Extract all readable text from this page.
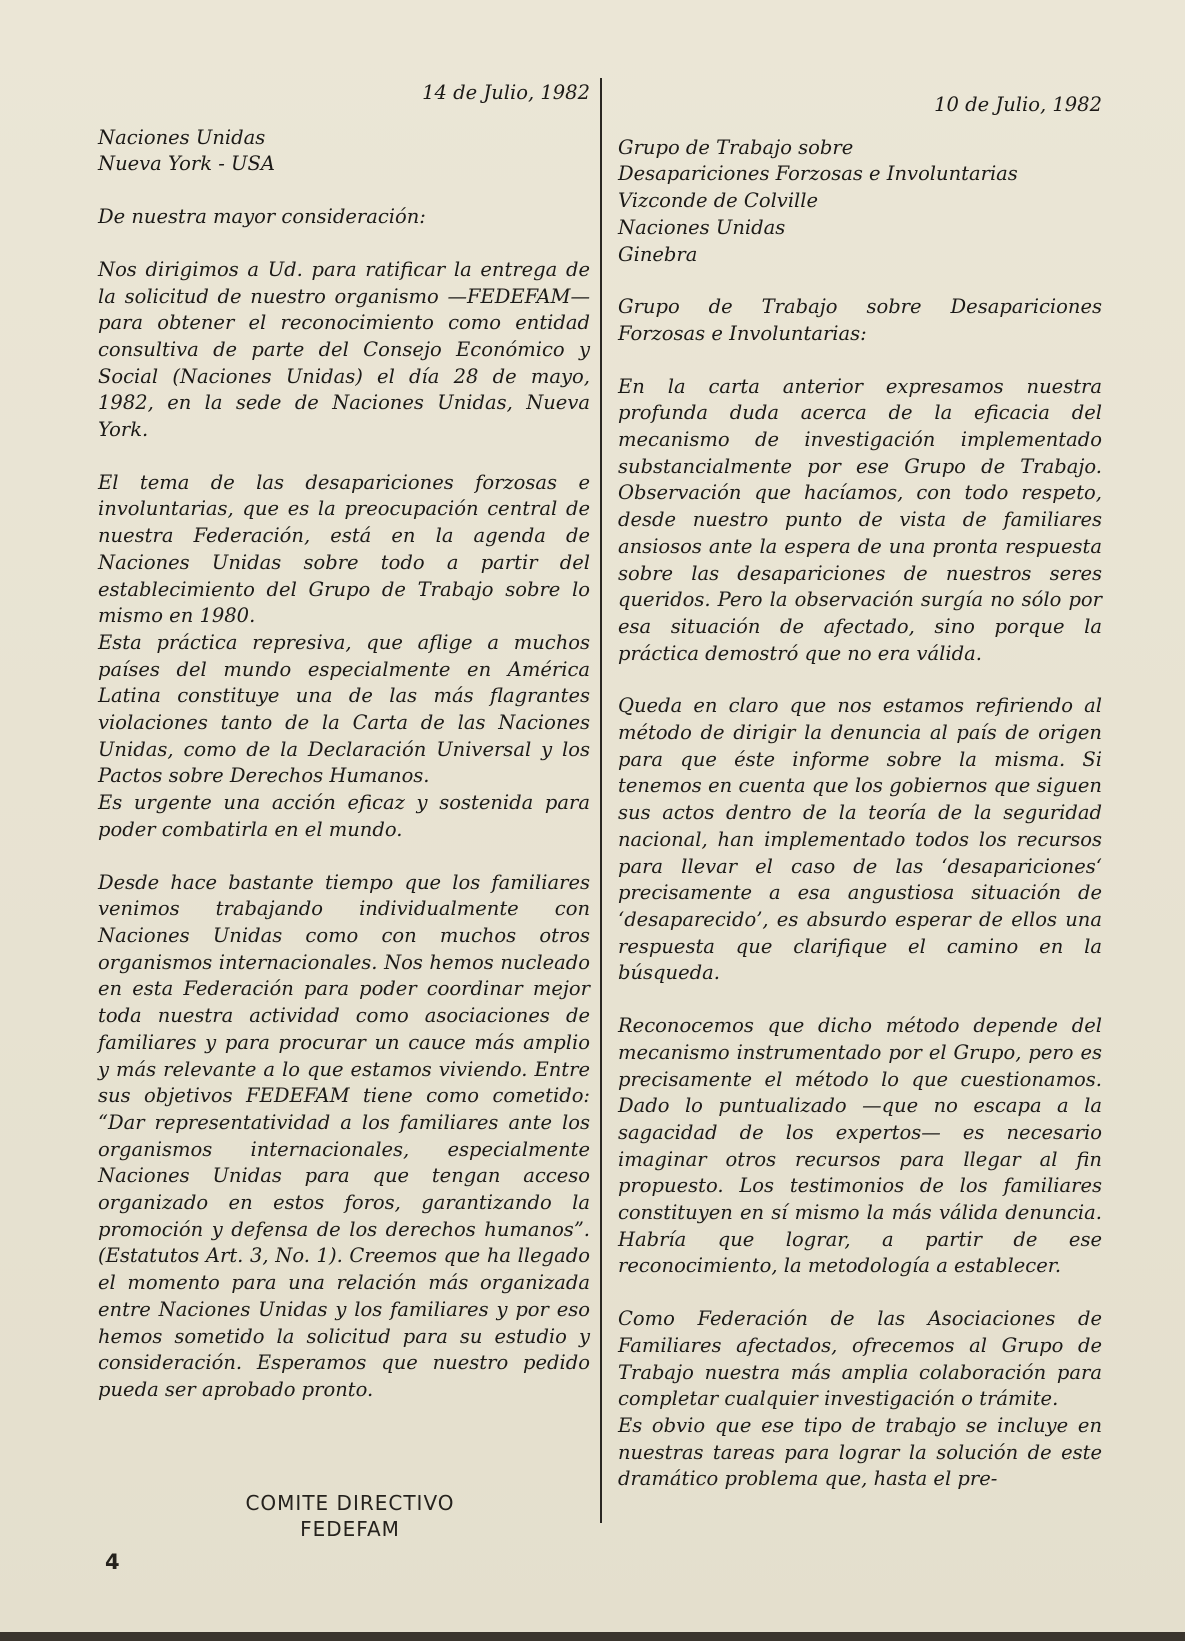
14 de Julio, 1982

Naciones Unidas

Nueva York - USA

De nuestra mayor consideración:

Nos dirigimos a Ud. para ratificar la entrega de la solicitud de nuestro organismo —FEDEFAM— para obtener el reconocimiento como entidad consultiva de parte del Consejo Económico y Social (Naciones Unidas) el día 28 de mayo, 1982, en la sede de Naciones Unidas, Nueva York.

El tema de las desapariciones forzosas e involuntarias, que es la preocupación central de nuestra Federación, está en la agenda de Naciones Unidas sobre todo a partir del establecimiento del Grupo de Trabajo sobre lo mismo en 1980.

Esta práctica represiva, que aflige a muchos países del mundo especialmente en América Latina constituye una de las más flagrantes violaciones tanto de la Carta de las Naciones Unidas, como de la Declaración Universal y los Pactos sobre Derechos Humanos.

Es urgente una acción eficaz y sostenida para poder combatirla en el mundo.

Desde hace bastante tiempo que los familiares venimos trabajando individualmente con Naciones Unidas como con muchos otros organismos internacionales. Nos hemos nucleado en esta Federación para poder coordinar mejor toda nuestra actividad como asociaciones de familiares y para procurar un cauce más amplio y más relevante a lo que estamos viviendo. Entre sus objetivos FEDEFAM tiene como cometido: “Dar representatividad a los familiares ante los organismos internacionales, especialmente Naciones Unidas para que tengan acceso organizado en estos foros, garantizando la promoción y defensa de los derechos humanos”. (Estatutos Art. 3, No. 1). Creemos que ha llegado el momento para una relación más organizada entre Naciones Unidas y los familiares y por eso hemos sometido la solicitud para su estudio y consideración. Esperamos que nuestro pedido pueda ser aprobado pronto.

10 de Julio, 1982

Grupo de Trabajo sobre

Desapariciones Forzosas e Involuntarias

Vizconde de Colville

Naciones Unidas

Ginebra

Grupo de Trabajo sobre Desapariciones Forzosas e Involuntarias:

En la carta anterior expresamos nuestra profunda duda acerca de la eficacia del mecanismo de investigación implementado substancialmente por ese Grupo de Trabajo. Observación que hacíamos, con todo respeto, desde nuestro punto de vista de familiares ansiosos ante la espera de una pronta respuesta sobre las desapariciones de nuestros seres queridos. Pero la observación surgía no sólo por esa situación de afectado, sino porque la práctica demostró que no era válida.

Queda en claro que nos estamos refiriendo al método de dirigir la denuncia al país de origen para que éste informe sobre la misma. Si tenemos en cuenta que los gobiernos que siguen sus actos dentro de la teoría de la seguridad nacional, han implementado todos los recursos para llevar el caso de las ‘desapariciones‘ precisamente a esa angustiosa situación de ‘desaparecido’, es absurdo esperar de ellos una respuesta que clarifique el camino en la búsqueda.

Reconocemos que dicho método depende del mecanismo instrumentado por el Grupo, pero es precisamente el método lo que cuestionamos. Dado lo puntualizado —que no escapa a la sagacidad de los expertos— es necesario imaginar otros recursos para llegar al fin propuesto. Los testimonios de los familiares constituyen en sí mismo la más válida denuncia. Habría que lograr, a partir de ese reconocimiento, la metodología a establecer.

Como Federación de las Asociaciones de Familiares afectados, ofrecemos al Grupo de Trabajo nuestra más amplia colaboración para completar cualquier investigación o trámite.

Es obvio que ese tipo de trabajo se incluye en nuestras tareas para lograr la solución de este dramático problema que, hasta el pre-

COMITE DIRECTIVO
FEDEFAM
4
